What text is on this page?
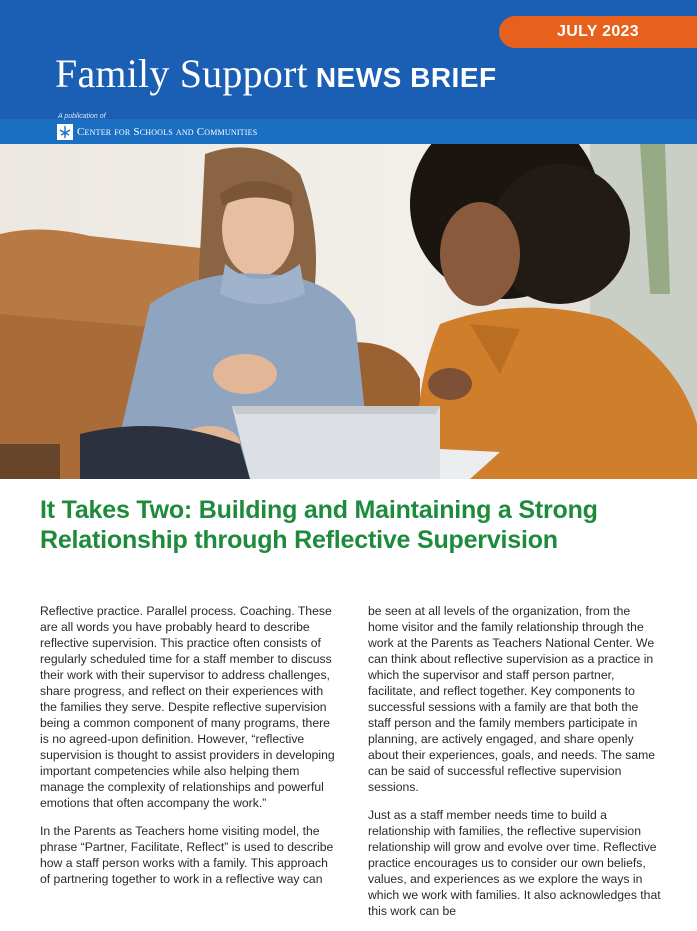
JULY 2023
Family Support NEWS BRIEF
A publication of
Center for Schools and Communities
It Takes Two: Building and Maintaining a Strong Relationship through Reflective Supervision

Reflective practice. Parallel process. Coaching. These are all words you have probably heard to describe reflective supervision. This practice often consists of regularly scheduled time for a staff member to discuss their work with their supervisor to address challenges, share progress, and reflect on their experiences with the families they serve. Despite reflective supervision being a common component of many programs, there is no agreed-upon definition. However, “reflective supervision is thought to assist providers in developing important competencies while also helping them manage the complexity of relationships and powerful emotions that often accompany the work.”

In the Parents as Teachers home visiting model, the phrase “Partner, Facilitate, Reflect” is used to describe how a staff person works with a family. This approach of partnering together to work in a reflective way can

be seen at all levels of the organization, from the home visitor and the family relationship through the work at the Parents as Teachers National Center. We can think about reflective supervision as a practice in which the supervisor and staff person partner, facilitate, and reflect together. Key components to successful sessions with a family are that both the staff person and the family members participate in planning, are actively engaged, and share openly about their experiences, goals, and needs. The same can be said of successful reflective supervision sessions.

Just as a staff member needs time to build a relationship with families, the reflective supervision relationship will grow and evolve over time. Reflective practice encourages us to consider our own beliefs, values, and experiences as we explore the ways in which we work with families. It also acknowledges that this work can be
